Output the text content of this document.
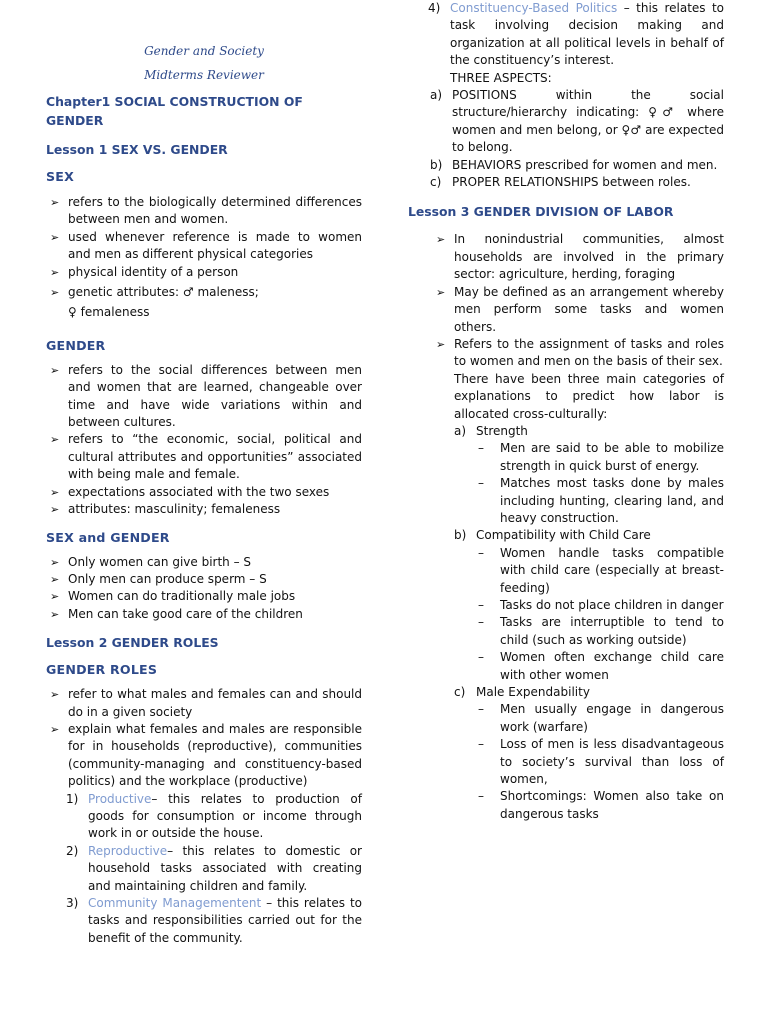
Gender and Society
Midterms Reviewer
Chapter1 SOCIAL CONSTRUCTION OF GENDER
Lesson 1 SEX VS. GENDER
SEX
➢ refers to the biologically determined differences between men and women.
➢ used whenever reference is made to women and men as different physical categories
➢ physical identity of a person
➢ genetic attributes: ♂ maleness;
♀ femaleness
GENDER
➢ refers to the social differences between men and women that are learned, changeable over time and have wide variations within and between cultures.
➢ refers to “the economic, social, political and cultural attributes and opportunities” associated with being male and female.
➢ expectations associated with the two sexes
➢ attributes: masculinity; femaleness
SEX and GENDER
➢ Only women can give birth – S
➢ Only men can produce sperm – S
➢ Women can do traditionally male jobs
➢ Men can take good care of the children
Lesson 2 GENDER ROLES
GENDER ROLES
➢ refer to what males and females can and should do in a given society
➢ explain what females and males are responsible for in households (reproductive), communities (community-managing and constituency-based politics) and the workplace (productive)
1) Productive– this relates to production of goods for consumption or income through work in or outside the house.
2) Reproductive– this relates to domestic or household tasks associated with creating and maintaining children and family.
3) Community Managementent – this relates to tasks and responsibilities carried out for the benefit of the community.
4) Constituency-Based Politics – this relates to task involving decision making and organization at all political levels in behalf of the constituency’s interest.
THREE ASPECTS:
a) POSITIONS within the social structure/hierarchy indicating: ♀♂ where women and men belong, or ♀♂ are expected to belong.
b) BEHAVIORS prescribed for women and men.
c) PROPER RELATIONSHIPS between roles.
Lesson 3 GENDER DIVISION OF LABOR
➢ In nonindustrial communities, almost households are involved in the primary sector: agriculture, herding, foraging
➢ May be defined as an arrangement whereby men perform some tasks and women others.
➢ Refers to the assignment of tasks and roles to women and men on the basis of their sex.
There have been three main categories of explanations to predict how labor is allocated cross-culturally:
a) Strength
– Men are said to be able to mobilize strength in quick burst of energy.
– Matches most tasks done by males including hunting, clearing land, and heavy construction.
b) Compatibility with Child Care
– Women handle tasks compatible with child care (especially at breast-feeding)
– Tasks do not place children in danger
– Tasks are interruptible to tend to child (such as working outside)
– Women often exchange child care with other women
c) Male Expendability
– Men usually engage in dangerous work (warfare)
– Loss of men is less disadvantageous to society’s survival than loss of women,
– Shortcomings: Women also take on dangerous tasks
